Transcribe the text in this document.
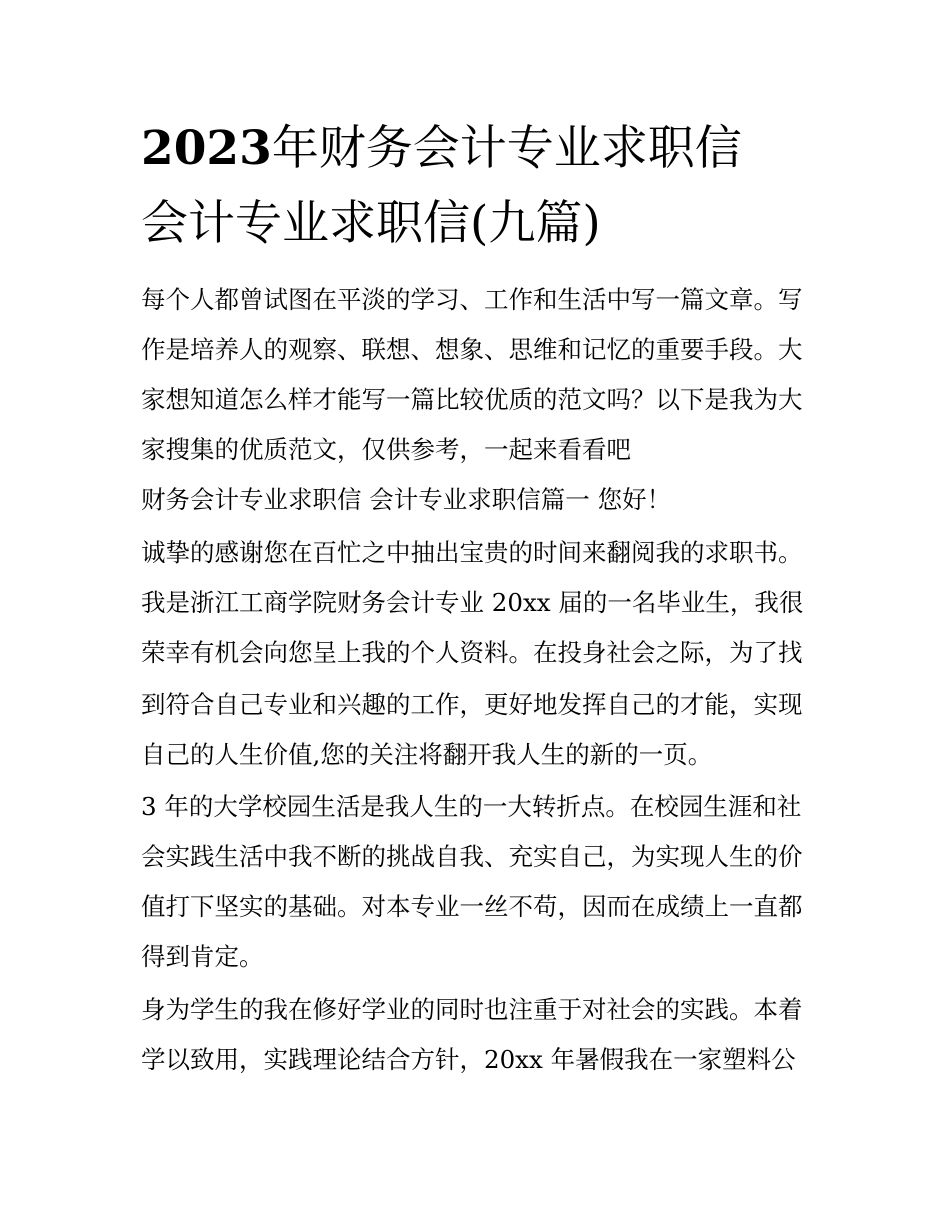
2023年财务会计专业求职信
会计专业求职信(九篇)
每个人都曾试图在平淡的学习、工作和生活中写一篇文章。写
作是培养人的观察、联想、想象、思维和记忆的重要手段。大
家想知道怎么样才能写一篇比较优质的范文吗？以下是我为大
家搜集的优质范文，仅供参考，一起来看看吧
财务会计专业求职信 会计专业求职信篇一 您好！
诚挚的感谢您在百忙之中抽出宝贵的时间来翻阅我的求职书。
我是浙江工商学院财务会计专业 20xx 届的一名毕业生，我很
荣幸有机会向您呈上我的个人资料。在投身社会之际，为了找
到符合自己专业和兴趣的工作，更好地发挥自己的才能，实现
自己的人生价值,您的关注将翻开我人生的新的一页。
3 年的大学校园生活是我人生的一大转折点。在校园生涯和社
会实践生活中我不断的挑战自我、充实自己，为实现人生的价
值打下坚实的基础。对本专业一丝不苟，因而在成绩上一直都
得到肯定。
身为学生的我在修好学业的同时也注重于对社会的实践。本着
学以致用，实践理论结合方针，20xx 年暑假我在一家塑料公
